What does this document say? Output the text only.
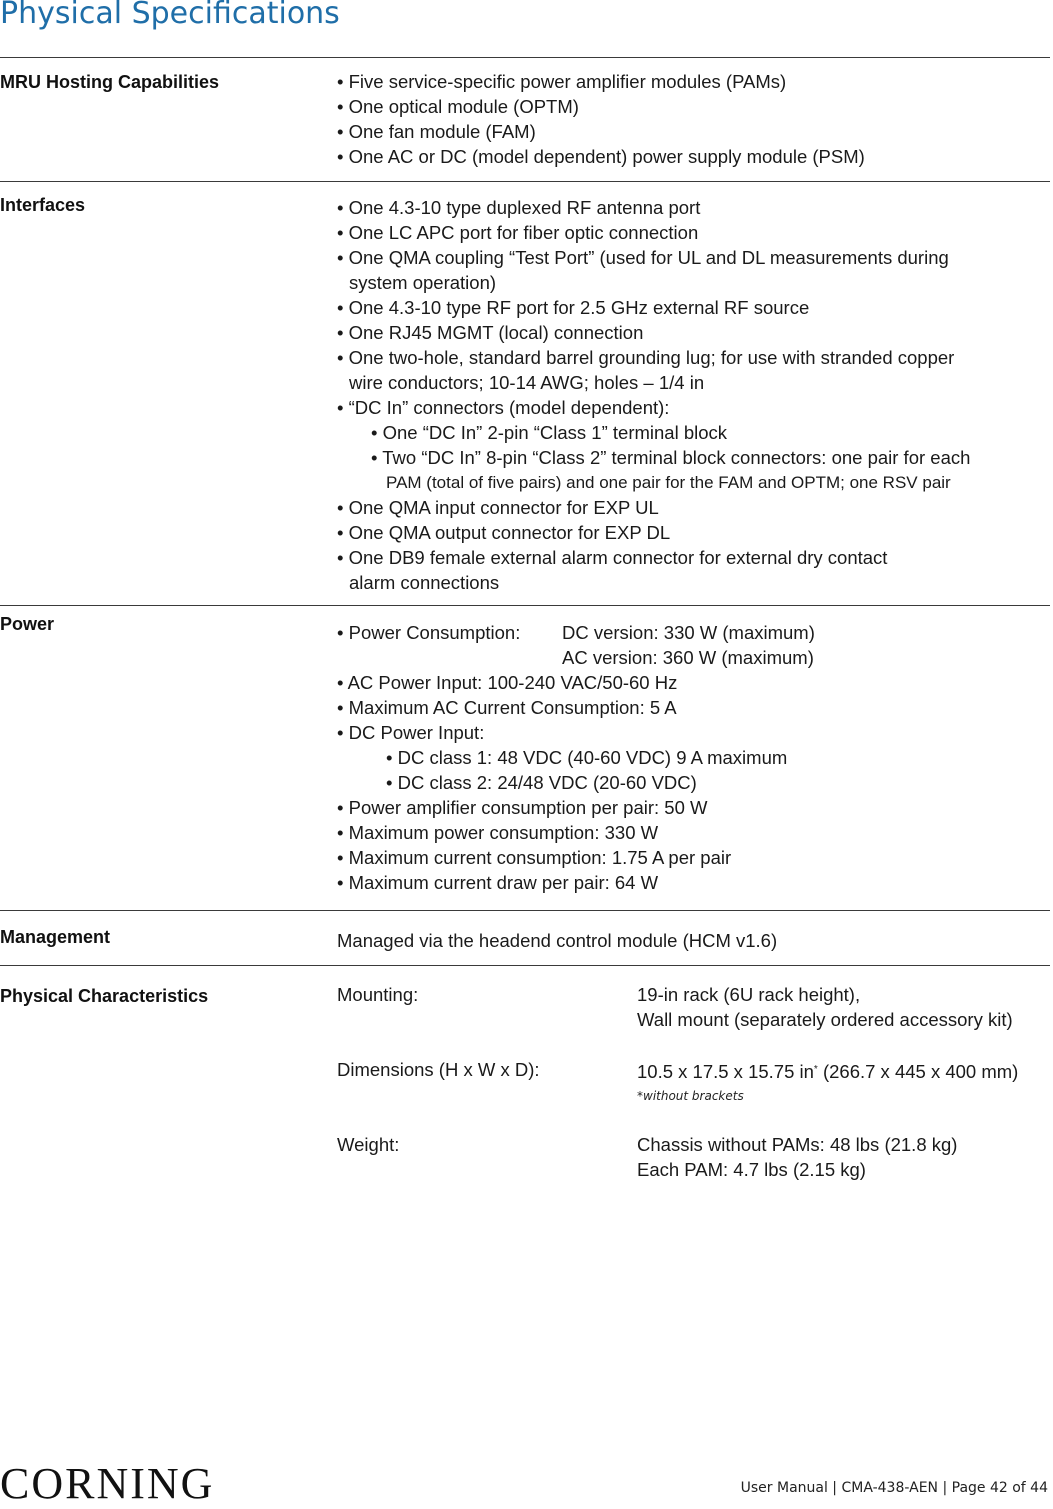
Physical Specifications
MRU Hosting Capabilities	• Five service-specific power amplifier modules (PAMs)
• One optical module (OPTM)
• One fan module (FAM)
• One AC or DC (model dependent) power supply module (PSM)
Interfaces	• One 4.3-10 type duplexed RF antenna port
• One LC APC port for fiber optic connection
• One QMA coupling “Test Port” (used for UL and DL measurements during
system operation)
• One 4.3-10 type RF port for 2.5 GHz external RF source
• One RJ45 MGMT (local) connection
• One two-hole, standard barrel grounding lug; for use with stranded copper
wire conductors; 10-14 AWG; holes – 1/4 in
• “DC In” connectors (model dependent):
• One “DC In” 2-pin “Class 1” terminal block
• Two “DC In” 8-pin “Class 2” terminal block connectors: one pair for each
PAM (total of five pairs) and one pair for the FAM and OPTM; one RSV pair
• One QMA input connector for EXP UL
• One QMA output connector for EXP DL
• One DB9 female external alarm connector for external dry contact
alarm connections
Power	• Power Consumption: DC version: 330 W (maximum)
AC version: 360 W (maximum)
• AC Power Input: 100-240 VAC/50-60 Hz
• Maximum AC Current Consumption: 5 A
• DC Power Input:
• DC class 1: 48 VDC (40-60 VDC) 9 A maximum
• DC class 2: 24/48 VDC (20-60 VDC)
• Power amplifier consumption per pair: 50 W
• Maximum power consumption: 330 W
• Maximum current consumption: 1.75 A per pair
• Maximum current draw per pair: 64 W
Management	Managed via the headend control module (HCM v1.6)
Physical Characteristics	Mounting:	19-in rack (6U rack height),
Wall mount (separately ordered accessory kit)
Dimensions (H x W x D):	10.5 x 17.5 x 15.75 in* (266.7 x 445 x 400 mm)
*without brackets
Weight:	Chassis without PAMs: 48 lbs (21.8 kg)
Each PAM: 4.7 lbs (2.15 kg)
CORNING	User Manual | CMA-438-AEN | Page 42 of 44
